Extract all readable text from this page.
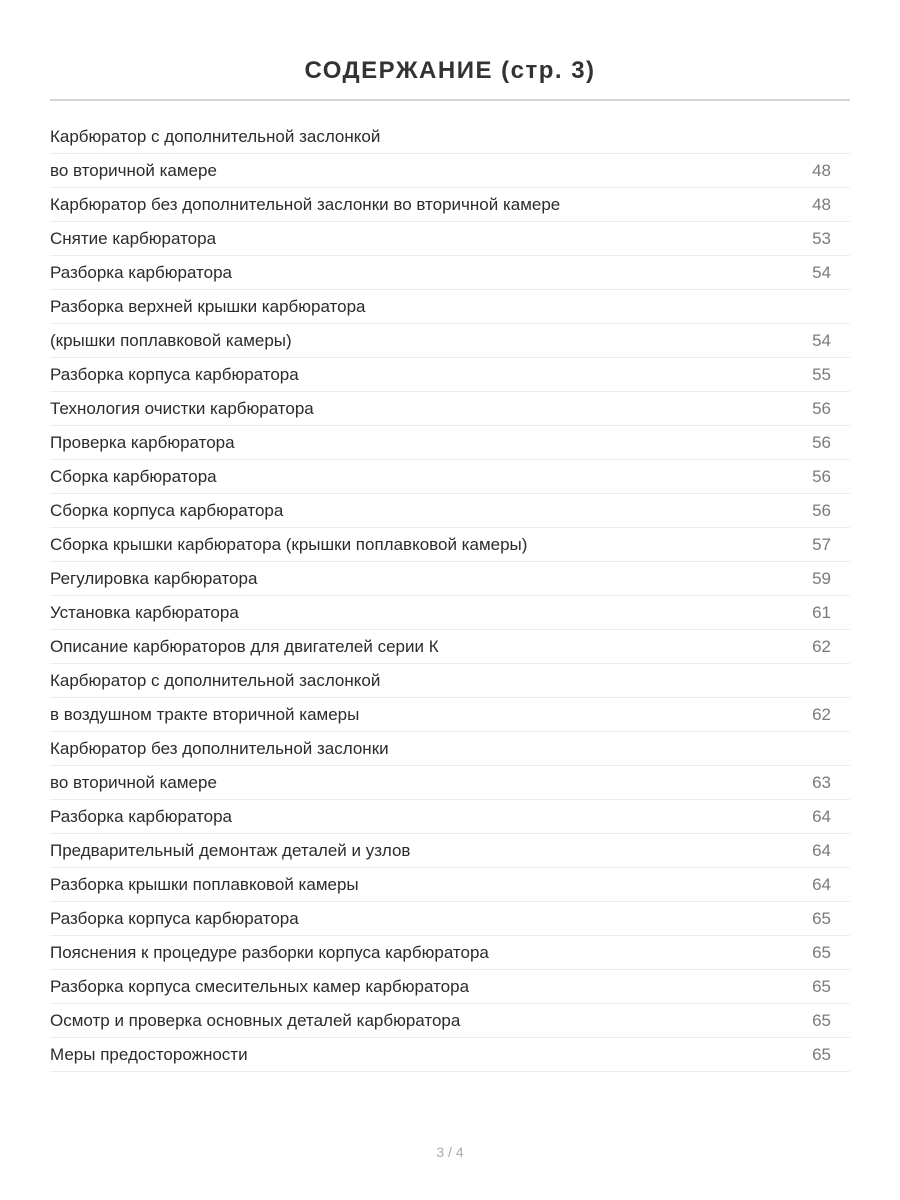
СОДЕРЖАНИЕ (стр. 3)
Карбюратор с дополнительной заслонкой
во вторичной камере	48
Карбюратор без дополнительной заслонки во вторичной камере	48
Снятие карбюратора	53
Разборка карбюратора	54
Разборка верхней крышки карбюратора
(крышки поплавковой камеры)	54
Разборка корпуса карбюратора	55
Технология очистки карбюратора	56
Проверка карбюратора	56
Сборка карбюратора	56
Сборка корпуса карбюратора	56
Сборка крышки карбюратора (крышки поплавковой камеры)	57
Регулировка карбюратора	59
Установка карбюратора	61
Описание карбюраторов для двигателей серии К	62
Карбюратор с дополнительной заслонкой
в воздушном тракте вторичной камеры	62
Карбюратор без дополнительной заслонки
во вторичной камере	63
Разборка карбюратора	64
Предварительный демонтаж деталей и узлов	64
Разборка крышки поплавковой камеры	64
Разборка корпуса карбюратора	65
Пояснения к процедуре разборки корпуса карбюратора	65
Разборка корпуса смесительных камер карбюратора	65
Осмотр и проверка основных деталей карбюратора	65
Меры предосторожности	65
3 / 4
